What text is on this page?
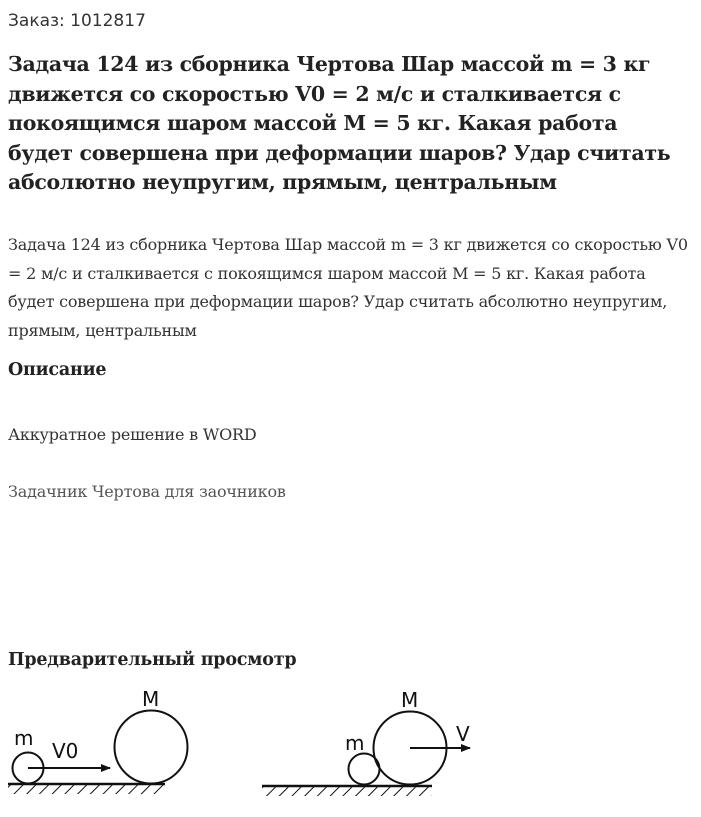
Заказ: 1012817
Задача 124 из сборника Чертова Шар массой m = 3 кг движется со скоростью V0 = 2 м/с и сталкивается с покоящимся шаром массой М = 5 кг. Какая работа будет совершена при деформации шаров? Удар считать абсолютно неупругим, прямым, центральным

Задача 124 из сборника Чертова Шар массой m = 3 кг движется со скоростью V0 = 2 м/с и сталкивается с покоящимся шаром массой М = 5 кг. Какая работа будет совершена при деформации шаров? Удар считать абсолютно неупругим, прямым, центральным

Описание
Аккуратное решение в WORD
Задачник Чертова для заочников
Предварительный просмотр
m
V0
M
m
M
V
